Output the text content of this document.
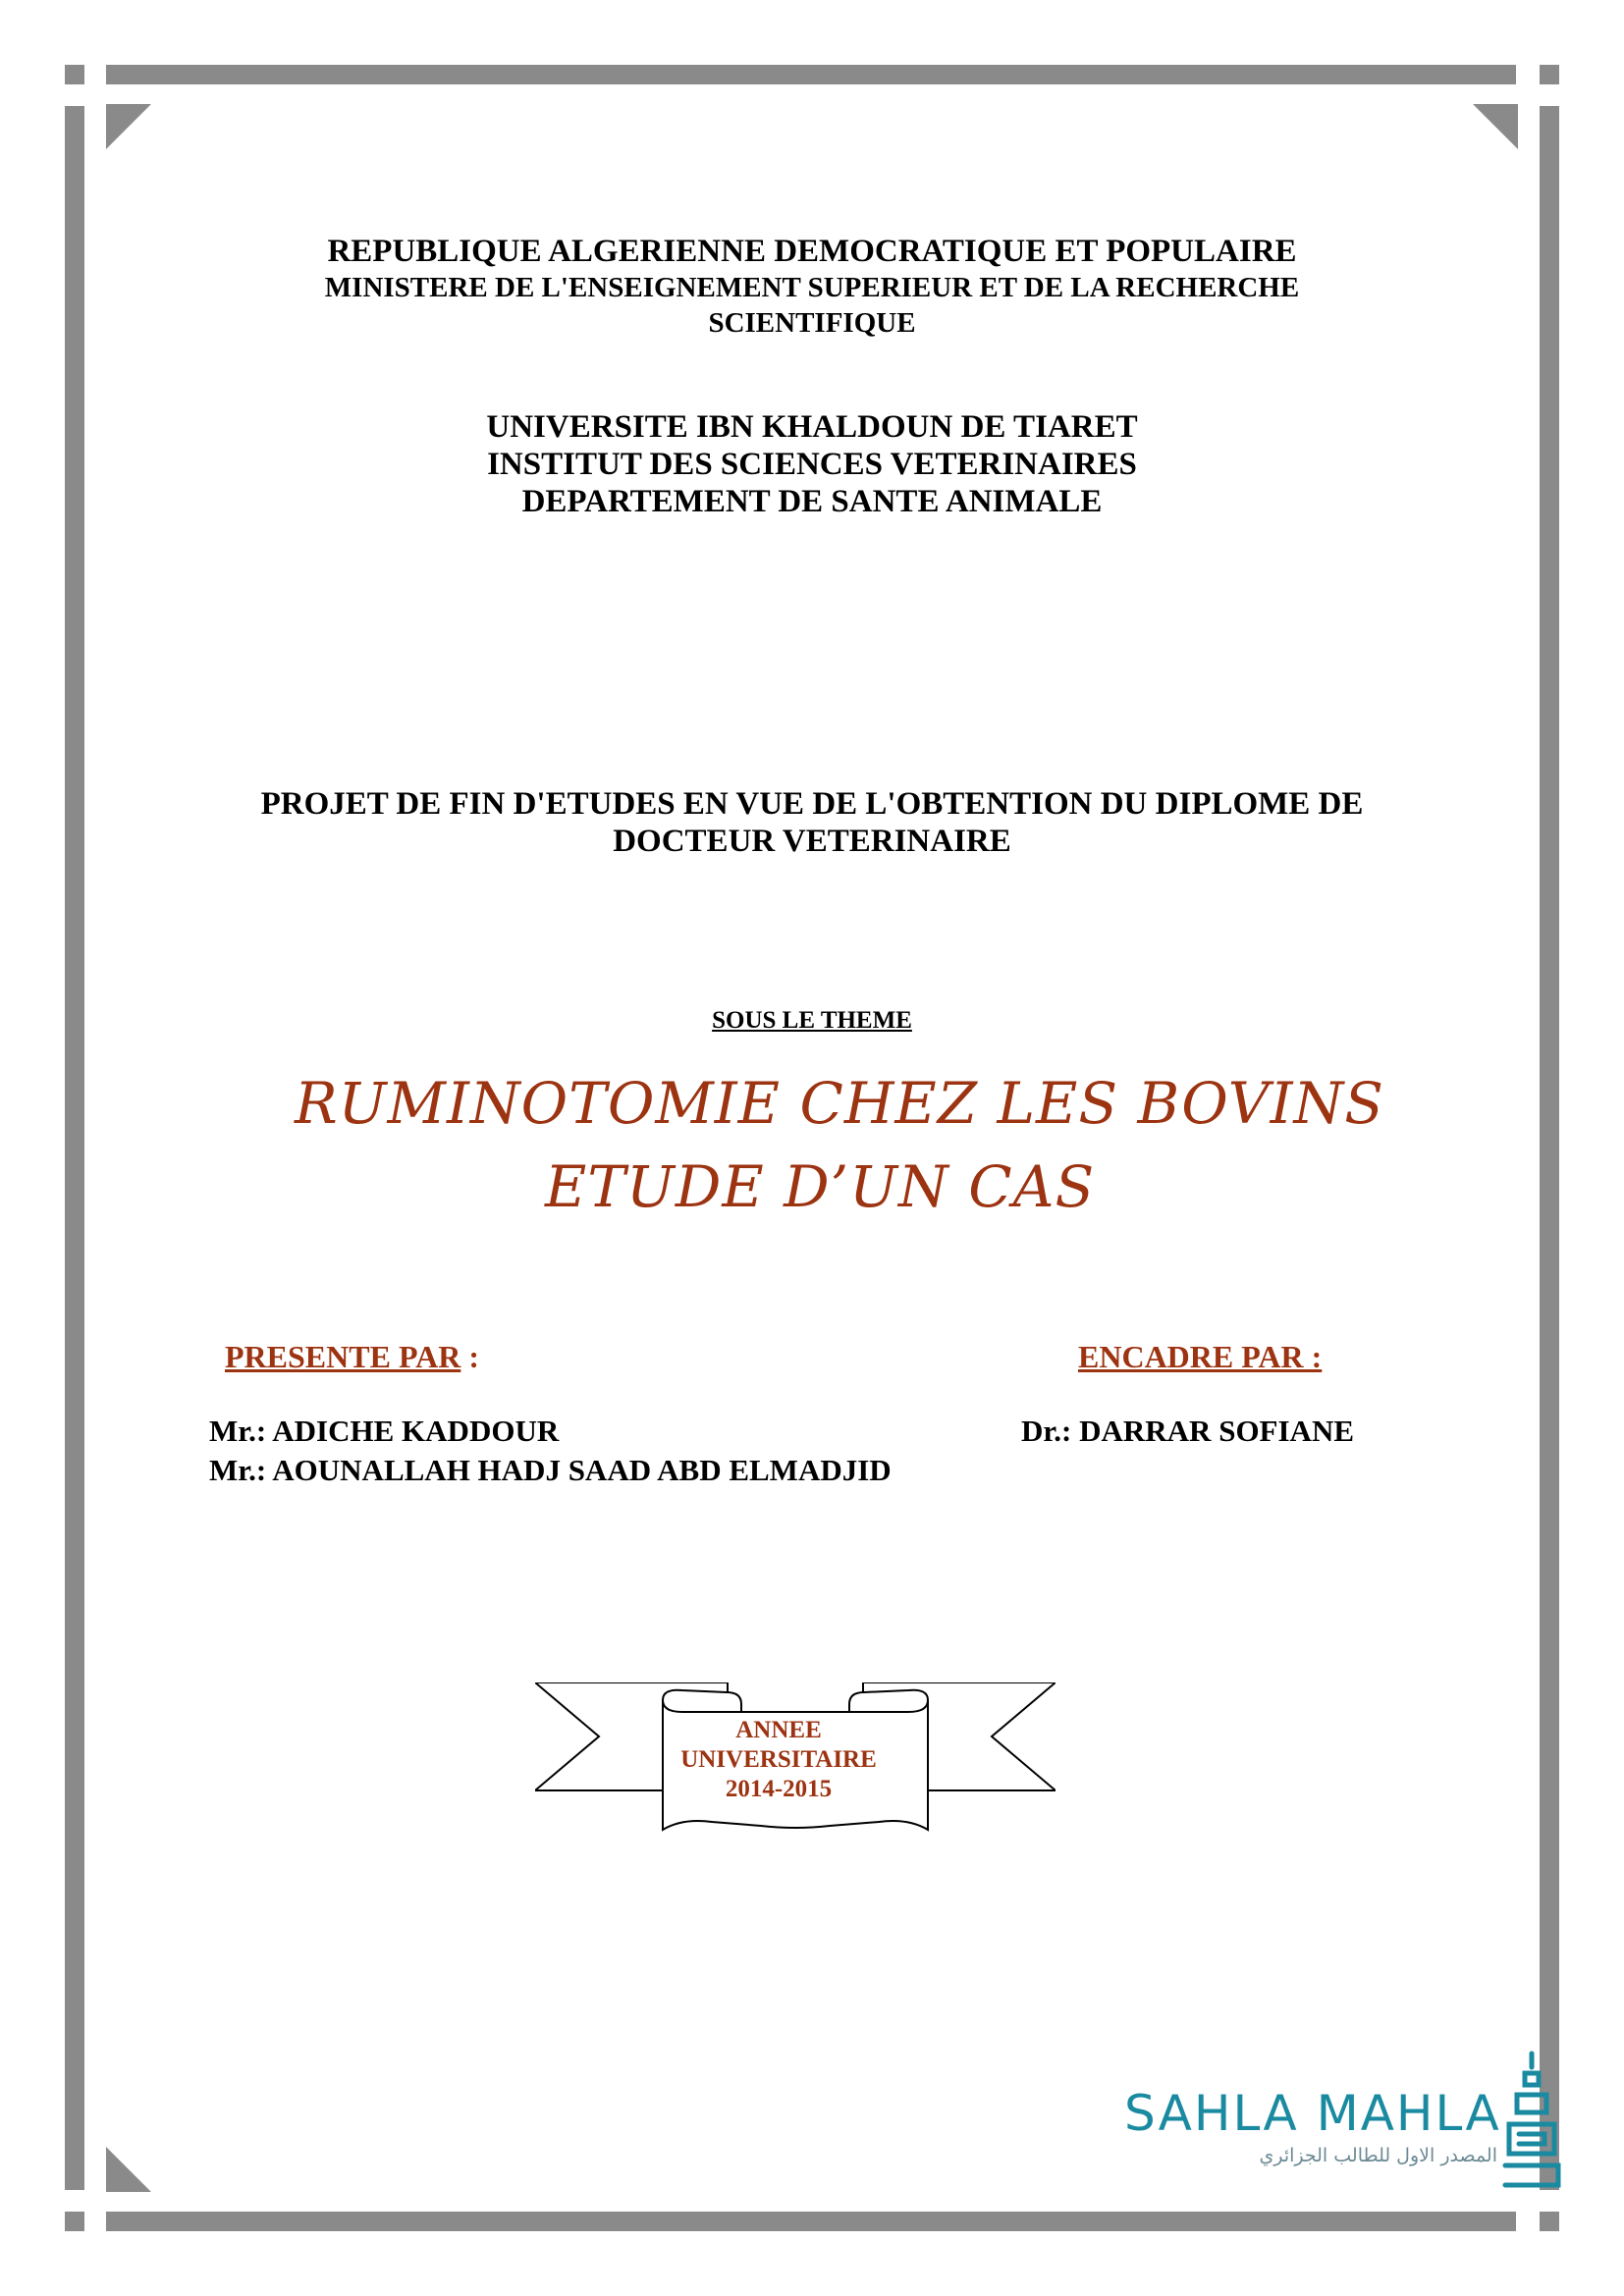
REPUBLIQUE ALGERIENNE DEMOCRATIQUE ET POPULAIRE
MINISTERE DE L'ENSEIGNEMENT SUPERIEUR ET DE LA RECHERCHE
SCIENTIFIQUE
UNIVERSITE IBN KHALDOUN DE TIARET
INSTITUT DES SCIENCES VETERINAIRES
DEPARTEMENT DE SANTE ANIMALE
PROJET DE FIN D'ETUDES EN VUE DE L'OBTENTION DU DIPLOME DE
DOCTEUR VETERINAIRE
SOUS LE THEME
RUMINOTOMIE CHEZ LES BOVINS
ETUDE D’UN CAS
PRESENTE PAR :	ENCADRE PAR :
Mr.: ADICHE KADDOUR
Mr.: AOUNALLAH HADJ SAAD ABD ELMADJID
Dr.: DARRAR SOFIANE
ANNEE
UNIVERSITAIRE
2014-2015
SAHLA MAHLA
المصدر الاول للطالب الجزائري
